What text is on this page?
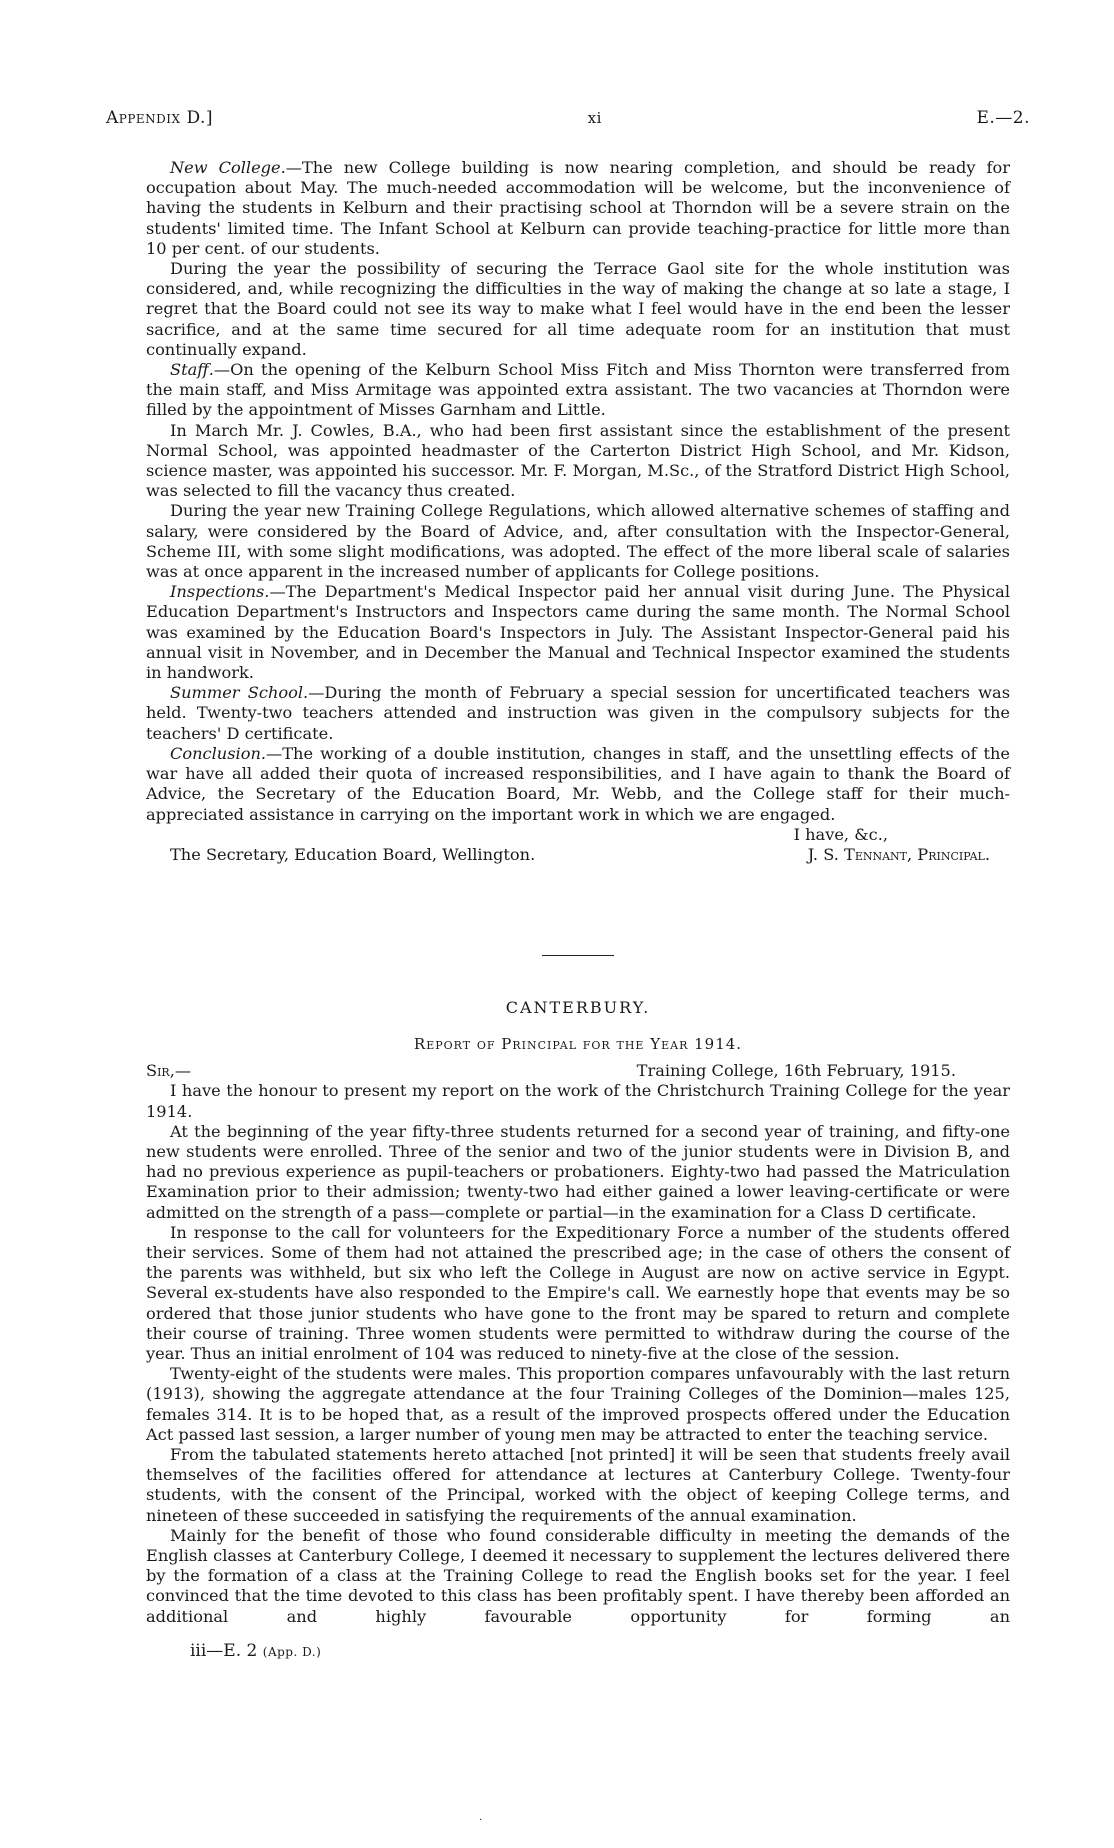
Appendix D.]	xi	E.—2.

New College.—The new College building is now nearing completion, and should be ready for occupation about May. The much-needed accommodation will be welcome, but the inconvenience of having the students in Kelburn and their practising school at Thorndon will be a severe strain on the students' limited time. The Infant School at Kelburn can provide teaching-practice for little more than 10 per cent. of our students.

During the year the possibility of securing the Terrace Gaol site for the whole institution was considered, and, while recognizing the difficulties in the way of making the change at so late a stage, I regret that the Board could not see its way to make what I feel would have in the end been the lesser sacrifice, and at the same time secured for all time adequate room for an institution that must continually expand.

Staff.—On the opening of the Kelburn School Miss Fitch and Miss Thornton were transferred from the main staff, and Miss Armitage was appointed extra assistant. The two vacancies at Thorndon were filled by the appointment of Misses Garnham and Little.

In March Mr. J. Cowles, B.A., who had been first assistant since the establishment of the present Normal School, was appointed headmaster of the Carterton District High School, and Mr. Kidson, science master, was appointed his successor. Mr. F. Morgan, M.Sc., of the Stratford District High School, was selected to fill the vacancy thus created.

During the year new Training College Regulations, which allowed alternative schemes of staffing and salary, were considered by the Board of Advice, and, after consultation with the Inspector-General, Scheme III, with some slight modifications, was adopted. The effect of the more liberal scale of salaries was at once apparent in the increased number of applicants for College positions.

Inspections.—The Department's Medical Inspector paid her annual visit during June. The Physical Education Department's Instructors and Inspectors came during the same month. The Normal School was examined by the Education Board's Inspectors in July. The Assistant Inspector-General paid his annual visit in November, and in December the Manual and Technical Inspector examined the students in handwork.

Summer School.—During the month of February a special session for uncertificated teachers was held. Twenty-two teachers attended and instruction was given in the compulsory subjects for the teachers' D certificate.

Conclusion.—The working of a double institution, changes in staff, and the unsettling effects of the war have all added their quota of increased responsibilities, and I have again to thank the Board of Advice, the Secretary of the Education Board, Mr. Webb, and the College staff for their much-appreciated assistance in carrying on the important work in which we are engaged.

I have, &c.,
The Secretary, Education Board, Wellington.	J. S. Tennant, Principal.
CANTERBURY.
Report of Principal for the Year 1914.
Sir,—	Training College, 16th February, 1915.

I have the honour to present my report on the work of the Christchurch Training College for the year 1914.

At the beginning of the year fifty-three students returned for a second year of training, and fifty-one new students were enrolled. Three of the senior and two of the junior students were in Division B, and had no previous experience as pupil-teachers or probationers. Eighty-two had passed the Matriculation Examination prior to their admission; twenty-two had either gained a lower leaving-certificate or were admitted on the strength of a pass—complete or partial—in the examination for a Class D certificate.

In response to the call for volunteers for the Expeditionary Force a number of the students offered their services. Some of them had not attained the prescribed age; in the case of others the consent of the parents was withheld, but six who left the College in August are now on active service in Egypt. Several ex-students have also responded to the Empire's call. We earnestly hope that events may be so ordered that those junior students who have gone to the front may be spared to return and complete their course of training. Three women students were permitted to withdraw during the course of the year. Thus an initial enrolment of 104 was reduced to ninety-five at the close of the session.

Twenty-eight of the students were males. This proportion compares unfavourably with the last return (1913), showing the aggregate attendance at the four Training Colleges of the Dominion—males 125, females 314. It is to be hoped that, as a result of the improved prospects offered under the Education Act passed last session, a larger number of young men may be attracted to enter the teaching service.

From the tabulated statements hereto attached [not printed] it will be seen that students freely avail themselves of the facilities offered for attendance at lectures at Canterbury College. Twenty-four students, with the consent of the Principal, worked with the object of keeping College terms, and nineteen of these succeeded in satisfying the requirements of the annual examination.

Mainly for the benefit of those who found considerable difficulty in meeting the demands of the English classes at Canterbury College, I deemed it necessary to supplement the lectures delivered there by the formation of a class at the Training College to read the English books set for the year. I feel convinced that the time devoted to this class has been profitably spent. I have thereby been afforded an additional and highly favourable opportunity for forming an

iii—E. 2 (App. D.)
.
